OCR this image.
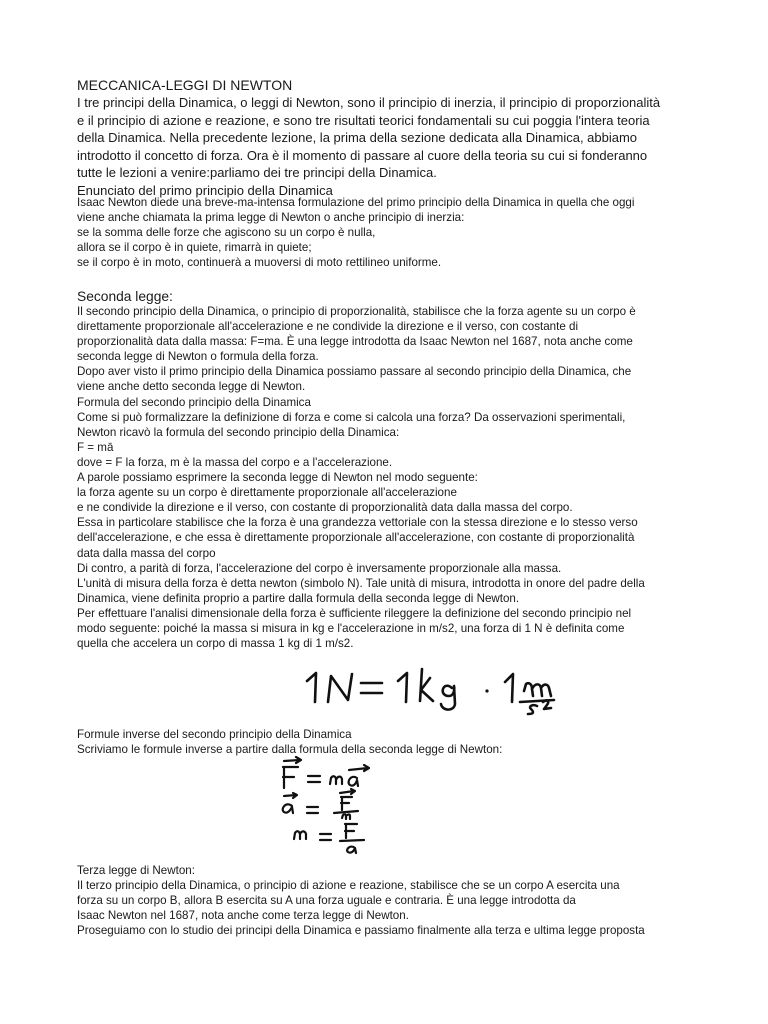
MECCANICA-LEGGI DI NEWTON
I tre principi della Dinamica, o leggi di Newton, sono il principio di inerzia, il principio di proporzionalità
e il principio di azione e reazione, e sono tre risultati teorici fondamentali su cui poggia l'intera teoria
della Dinamica. Nella precedente lezione, la prima della sezione dedicata alla Dinamica, abbiamo
introdotto il concetto di forza. Ora è il momento di passare al cuore della teoria su cui si fonderanno
tutte le lezioni a venire:parliamo dei tre principi della Dinamica.
Enunciato del primo principio della Dinamica
Isaac Newton diede una breve-ma-intensa formulazione del primo principio della Dinamica in quella che oggi
viene anche chiamata la prima legge di Newton o anche principio di inerzia:
se la somma delle forze che agiscono su un corpo è nulla,
allora se il corpo è in quiete, rimarrà in quiete;
se il corpo è in moto, continuerà a muoversi di moto rettilineo uniforme.
Seconda legge:
Il secondo principio della Dinamica, o principio di proporzionalità, stabilisce che la forza agente su un corpo è
direttamente proporzionale all'accelerazione e ne condivide la direzione e il verso, con costante di
proporzionalità data dalla massa: F=ma. È una legge introdotta da Isaac Newton nel 1687, nota anche come
seconda legge di Newton o formula della forza.
Dopo aver visto il primo principio della Dinamica possiamo passare al secondo principio della Dinamica, che
viene anche detto seconda legge di Newton.
Formula del secondo principio della Dinamica
Come si può formalizzare la definizione di forza e come si calcola una forza? Da osservazioni sperimentali,
Newton ricavò la formula del secondo principio della Dinamica:
F = mā
dove = F la forza, m è la massa del corpo e a l'accelerazione.
A parole possiamo esprimere la seconda legge di Newton nel modo seguente:
la forza agente su un corpo è direttamente proporzionale all'accelerazione
e ne condivide la direzione e il verso, con costante di proporzionalità data dalla massa del corpo.
Essa in particolare stabilisce che la forza è una grandezza vettoriale con la stessa direzione e lo stesso verso
dell'accelerazione, e che essa è direttamente proporzionale all'accelerazione, con costante di proporzionalità
data dalla massa del corpo
Di contro, a parità di forza, l'accelerazione del corpo è inversamente proporzionale alla massa.
L'unità di misura della forza è detta newton (simbolo N). Tale unità di misura, introdotta in onore del padre della
Dinamica, viene definita proprio a partire dalla formula della seconda legge di Newton.
Per effettuare l'analisi dimensionale della forza è sufficiente rileggere la definizione del secondo principio nel
modo seguente: poiché la massa si misura in kg e l'accelerazione in m/s2, una forza di 1 N è definita come
quella che accelera un corpo di massa 1 kg di 1 m/s2.
Formule inverse del secondo principio della Dinamica
Scriviamo le formule inverse a partire dalla formula della seconda legge di Newton:
Terza legge di Newton:
Il terzo principio della Dinamica, o principio di azione e reazione, stabilisce che se un corpo A esercita una
forza su un corpo B, allora B esercita su A una forza uguale e contraria. È una legge introdotta da
Isaac Newton nel 1687, nota anche come terza legge di Newton.
Proseguiamo con lo studio dei principi della Dinamica e passiamo finalmente alla terza e ultima legge proposta
